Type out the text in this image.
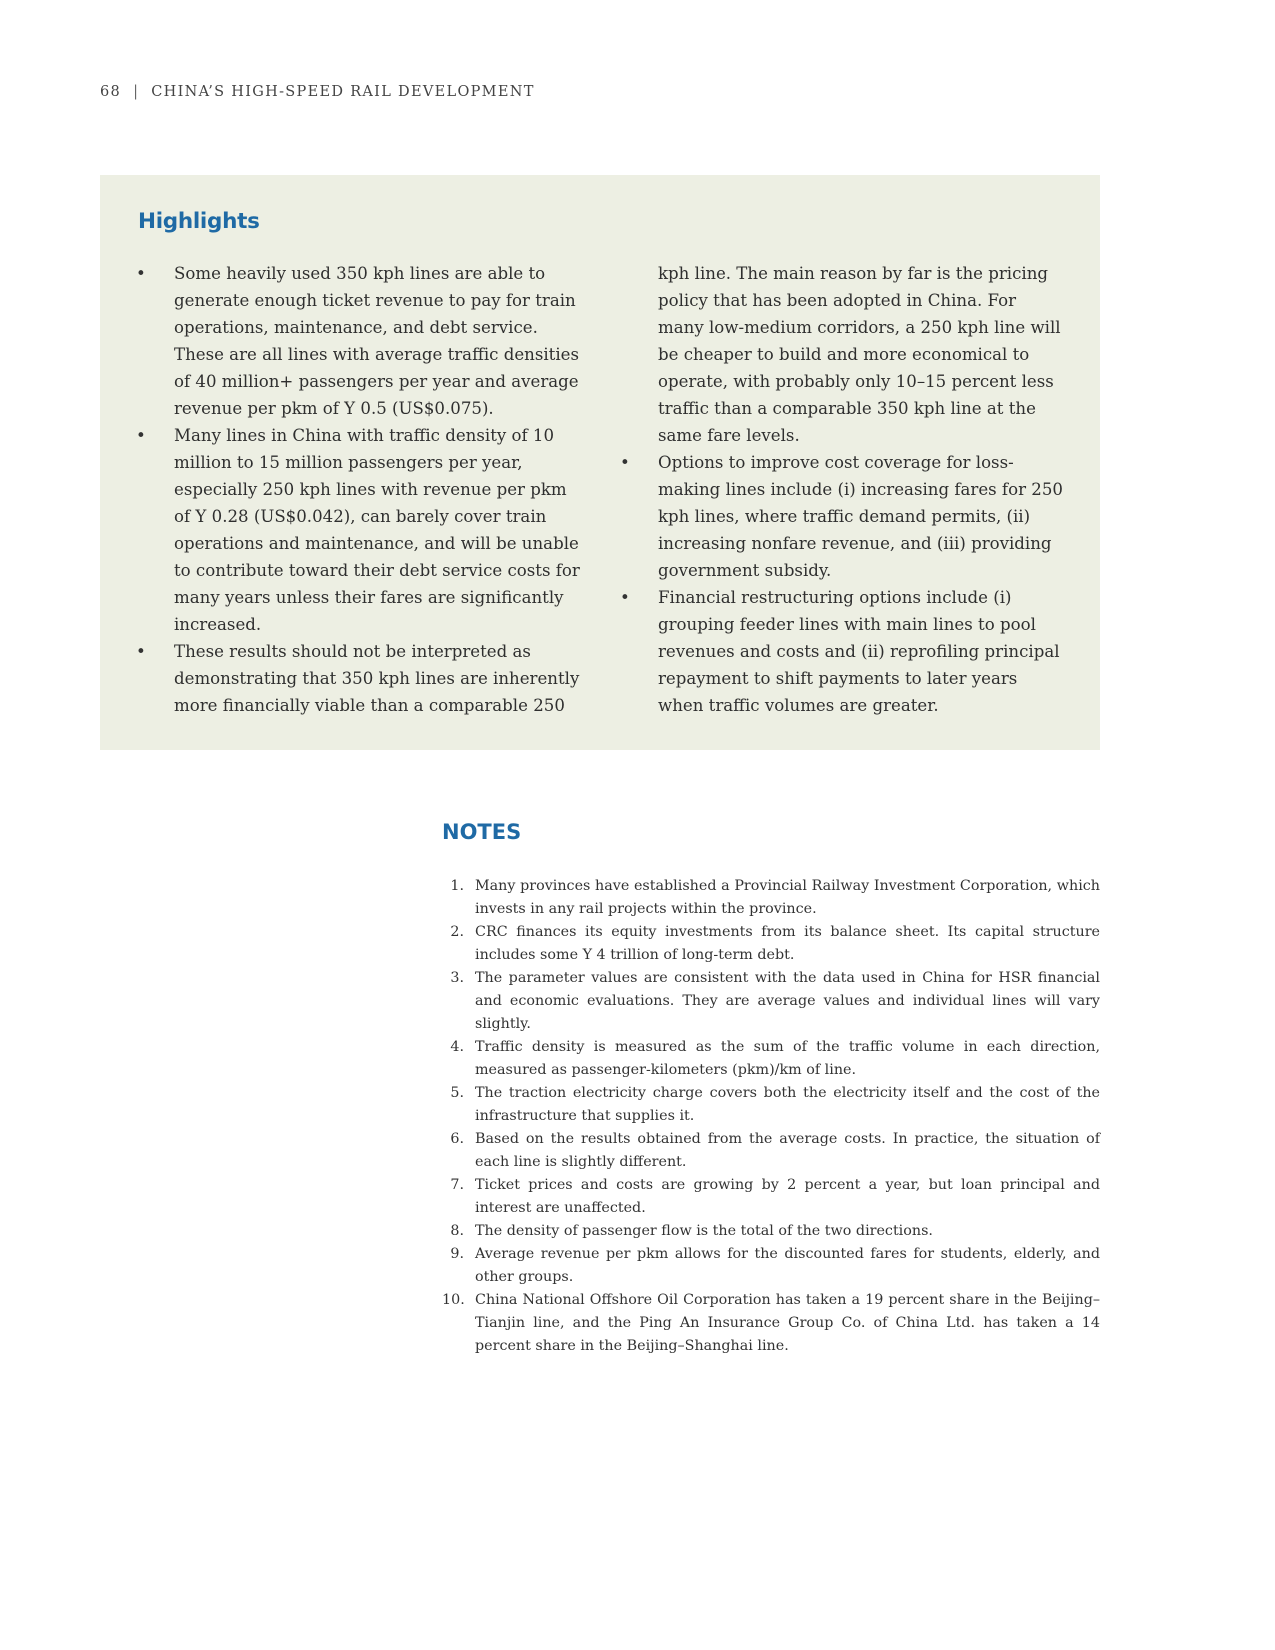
68 | CHINA’S HIGH-SPEED RAIL DEVELOPMENT
Highlights
• Some heavily used 350 kph lines are able to generate enough ticket revenue to pay for train operations, maintenance, and debt service. These are all lines with average traffic densities of 40 million+ passengers per year and average revenue per pkm of Y 0.5 (US$0.075).
• Many lines in China with traffic density of 10 million to 15 million passengers per year, especially 250 kph lines with revenue per pkm of Y 0.28 (US$0.042), can barely cover train operations and maintenance, and will be unable to contribute toward their debt service costs for many years unless their fares are significantly increased.
• These results should not be interpreted as demonstrating that 350 kph lines are inherently more financially viable than a comparable 250 kph line. The main reason by far is the pricing policy that has been adopted in China. For many low-medium corridors, a 250 kph line will be cheaper to build and more economical to operate, with probably only 10–15 percent less traffic than a comparable 350 kph line at the same fare levels.
• Options to improve cost coverage for loss-making lines include (i) increasing fares for 250 kph lines, where traffic demand permits, (ii) increasing nonfare revenue, and (iii) providing government subsidy.
• Financial restructuring options include (i) grouping feeder lines with main lines to pool revenues and costs and (ii) reprofiling principal repayment to shift payments to later years when traffic volumes are greater.
NOTES
1. Many provinces have established a Provincial Railway Investment Corporation, which invests in any rail projects within the province.
2. CRC finances its equity investments from its balance sheet. Its capital structure includes some Y 4 trillion of long-term debt.
3. The parameter values are consistent with the data used in China for HSR financial and economic evaluations. They are average values and individual lines will vary slightly.
4. Traffic density is measured as the sum of the traffic volume in each direction, measured as passenger-kilometers (pkm)/km of line.
5. The traction electricity charge covers both the electricity itself and the cost of the infrastructure that supplies it.
6. Based on the results obtained from the average costs. In practice, the situation of each line is slightly different.
7. Ticket prices and costs are growing by 2 percent a year, but loan principal and interest are unaffected.
8. The density of passenger flow is the total of the two directions.
9. Average revenue per pkm allows for the discounted fares for students, elderly, and other groups.
10. China National Offshore Oil Corporation has taken a 19 percent share in the Beijing–Tianjin line, and the Ping An Insurance Group Co. of China Ltd. has taken a 14 percent share in the Beijing–Shanghai line.
